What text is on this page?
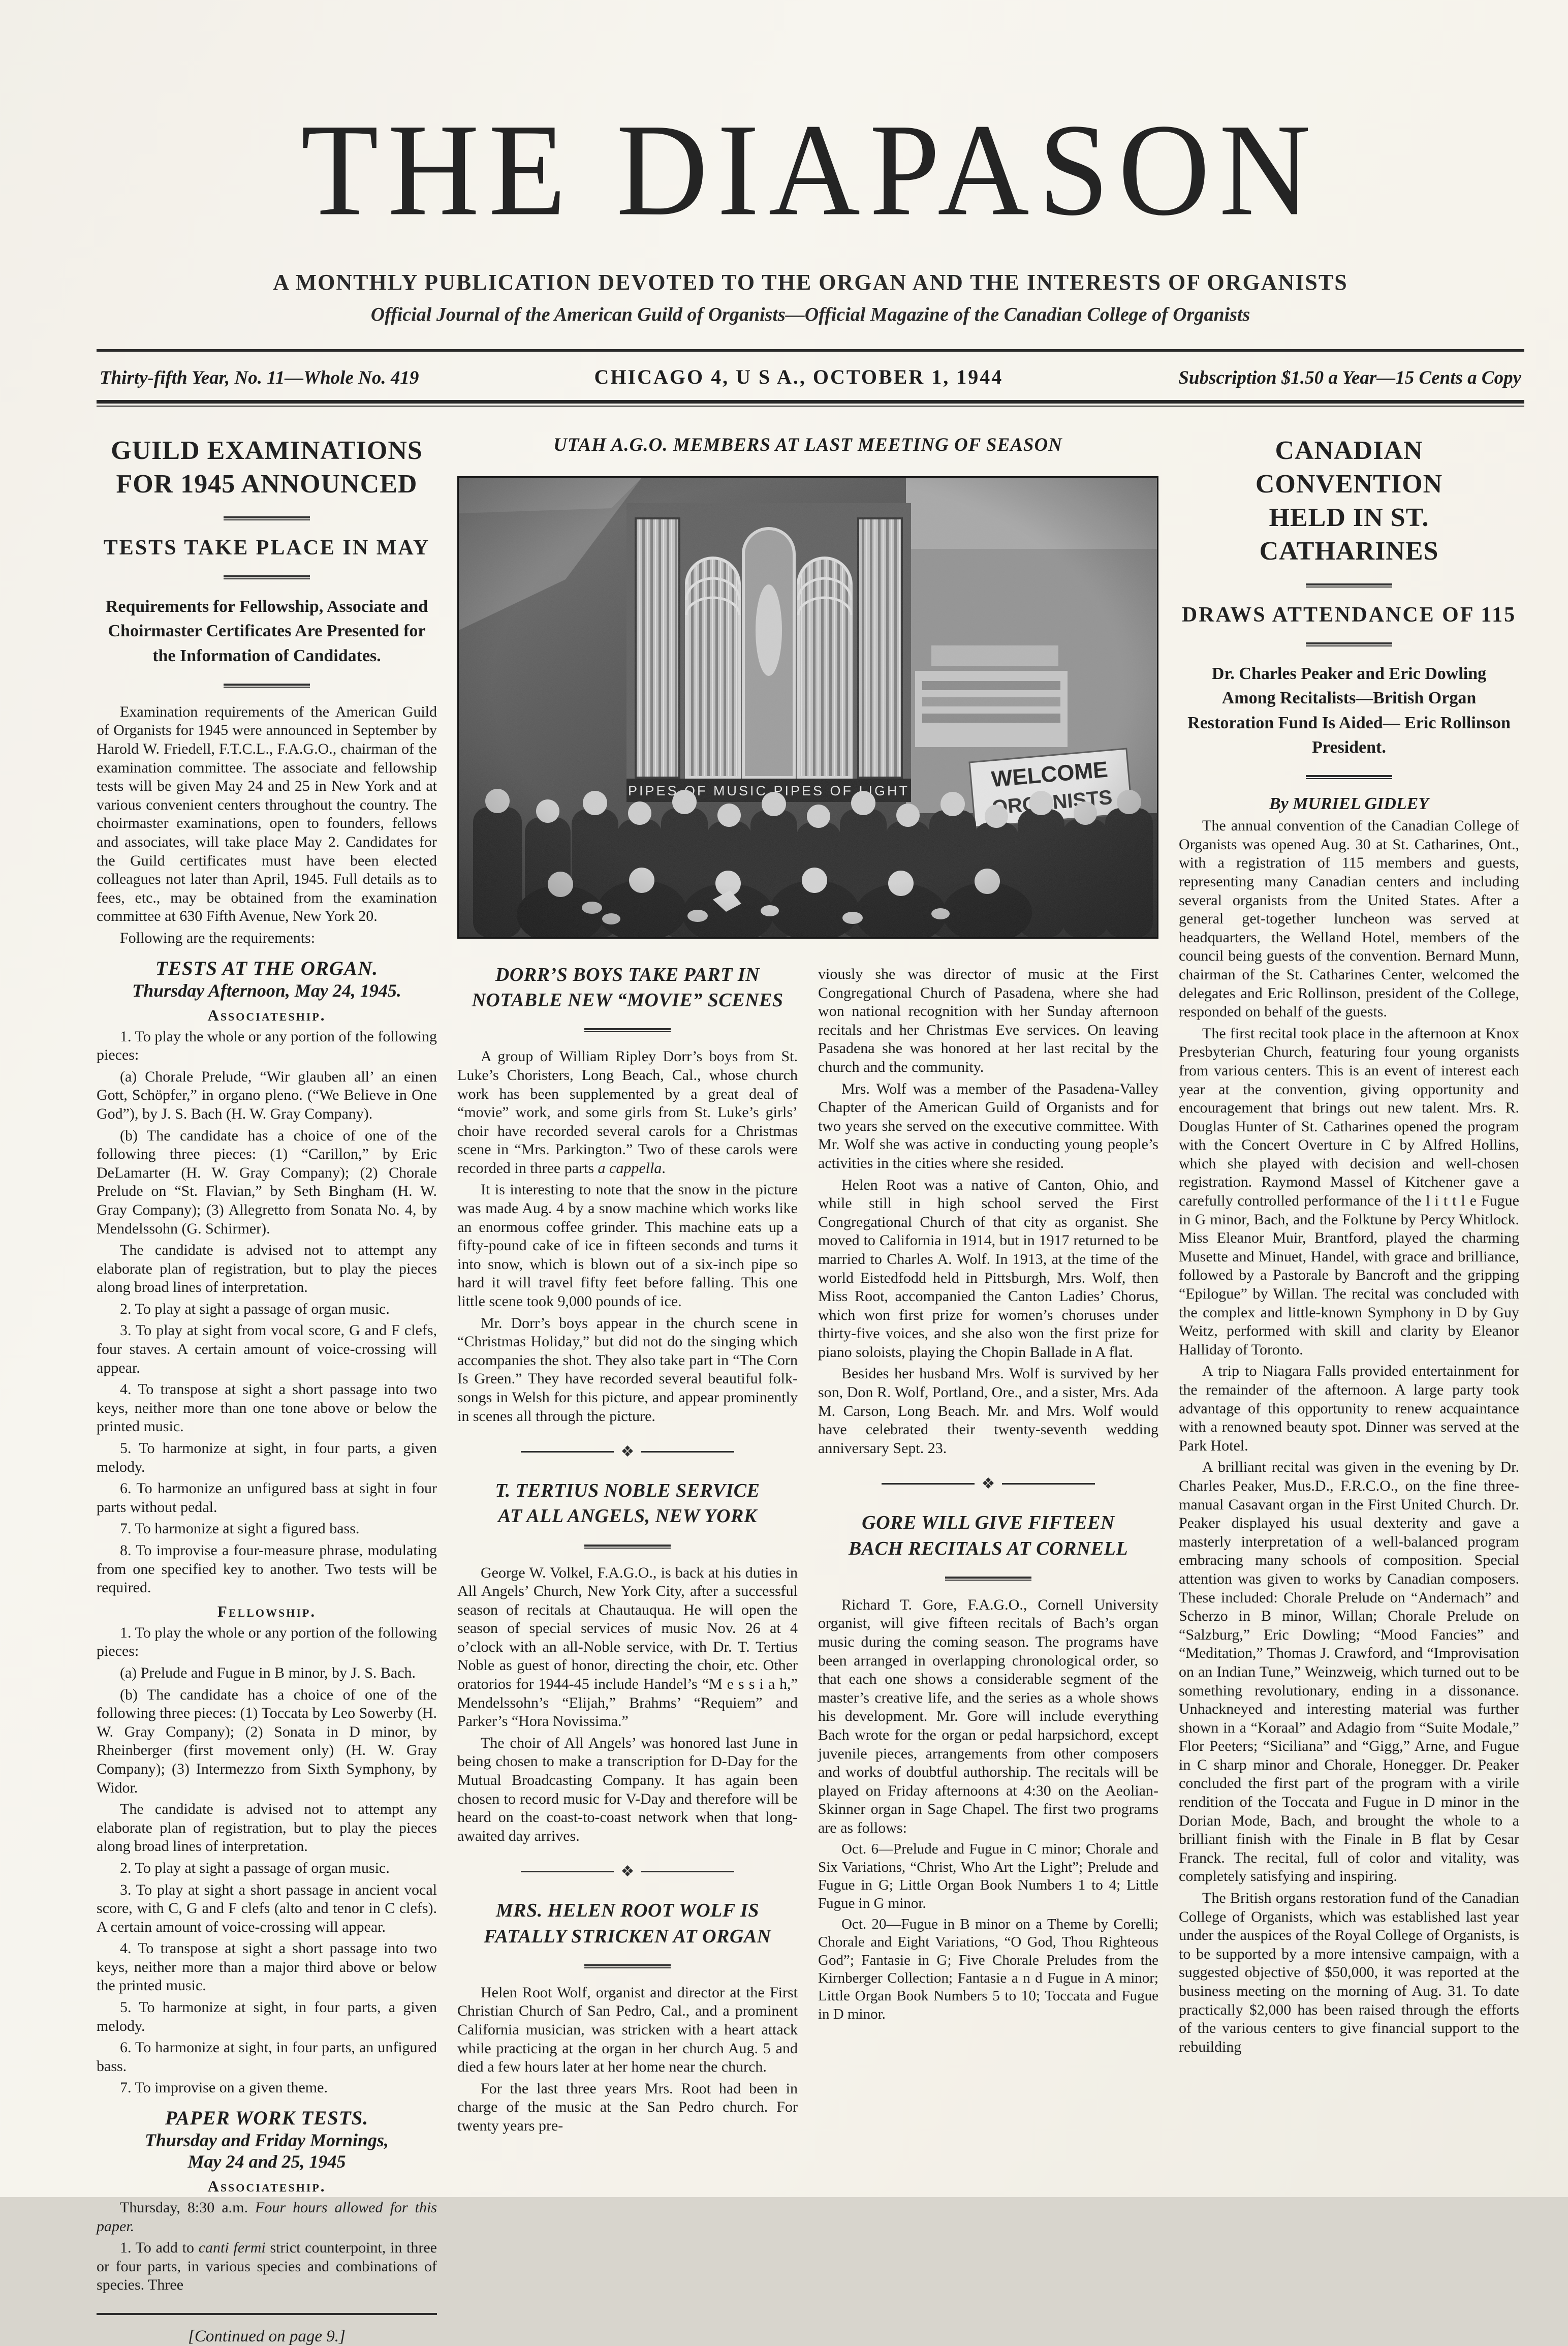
THE DIAPASON

A MONTHLY PUBLICATION DEVOTED TO THE ORGAN AND THE INTERESTS OF ORGANISTS

Official Journal of the American Guild of Organists—Official Magazine of the Canadian College of Organists

Thirty-fifth Year, No. 11—Whole No. 419	CHICAGO 4, U S A., OCTOBER 1, 1944	Subscription $1.50 a Year—15 Cents a Copy
GUILD EXAMINATIONS
FOR 1945 ANNOUNCED
TESTS TAKE PLACE IN MAY

Requirements for Fellowship, Associate and Choirmaster Certificates Are Presented for the Information of Candidates.

Examination requirements of the American Guild of Organists for 1945 were announced in September by Harold W. Friedell, F.T.C.L., F.A.G.O., chairman of the examination committee. The associate and fellowship tests will be given May 24 and 25 in New York and at various convenient centers throughout the country. The choirmaster examinations, open to founders, fellows and associates, will take place May 2. Candidates for the Guild certificates must have been elected colleagues not later than April, 1945. Full details as to fees, etc., may be obtained from the examination committee at 630 Fifth Avenue, New York 20.

Following are the requirements:

TESTS AT THE ORGAN.

Thursday Afternoon, May 24, 1945.

Associateship.

1. To play the whole or any portion of the following pieces:

(a) Chorale Prelude, “Wir glauben all’ an einen Gott, Schöpfer,” in organo pleno. (“We Believe in One God”), by J. S. Bach (H. W. Gray Company).

(b) The candidate has a choice of one of the following three pieces: (1) “Carillon,” by Eric DeLamarter (H. W. Gray Company); (2) Chorale Prelude on “St. Flavian,” by Seth Bingham (H. W. Gray Company); (3) Allegretto from Sonata No. 4, by Mendelssohn (G. Schirmer).

The candidate is advised not to attempt any elaborate plan of registration, but to play the pieces along broad lines of interpretation.

2. To play at sight a passage of organ music.

3. To play at sight from vocal score, G and F clefs, four staves. A certain amount of voice-crossing will appear.

4. To transpose at sight a short passage into two keys, neither more than one tone above or below the printed music.

5. To harmonize at sight, in four parts, a given melody.

6. To harmonize an unfigured bass at sight in four parts without pedal.

7. To harmonize at sight a figured bass.

8. To improvise a four-measure phrase, modulating from one specified key to another. Two tests will be required.

Fellowship.

1. To play the whole or any portion of the following pieces:

(a) Prelude and Fugue in B minor, by J. S. Bach.

(b) The candidate has a choice of one of the following three pieces: (1) Toccata by Leo Sowerby (H. W. Gray Company); (2) Sonata in D minor, by Rheinberger (first movement only) (H. W. Gray Company); (3) Intermezzo from Sixth Symphony, by Widor.

The candidate is advised not to attempt any elaborate plan of registration, but to play the pieces along broad lines of interpretation.

2. To play at sight a passage of organ music.

3. To play at sight a short passage in ancient vocal score, with C, G and F clefs (alto and tenor in C clefs). A certain amount of voice-crossing will appear.

4. To transpose at sight a short passage into two keys, neither more than a major third above or below the printed music.

5. To harmonize at sight, in four parts, a given melody.

6. To harmonize at sight, in four parts, an unfigured bass.

7. To improvise on a given theme.

PAPER WORK TESTS.

Thursday and Friday Mornings,

May 24 and 25, 1945

Associateship.

Thursday, 8:30 a.m. Four hours allowed for this paper.

1. To add to canti fermi strict counterpoint, in three or four parts, in various species and combinations of species. Three

[Continued on page 9.]
UTAH A.G.O. MEMBERS AT LAST MEETING OF SEASON
DORR’S BOYS TAKE PART IN
NOTABLE NEW “MOVIE” SCENES

A group of William Ripley Dorr’s boys from St. Luke’s Choristers, Long Beach, Cal., whose church work has been supplemented by a great deal of “movie” work, and some girls from St. Luke’s girls’ choir have recorded several carols for a Christmas scene in “Mrs. Parkington.” Two of these carols were recorded in three parts a cappella.

It is interesting to note that the snow in the picture was made Aug. 4 by a snow machine which works like an enormous coffee grinder. This machine eats up a fifty-pound cake of ice in fifteen seconds and turns it into snow, which is blown out of a six-inch pipe so hard it will travel fifty feet before falling. This one little scene took 9,000 pounds of ice.

Mr. Dorr’s boys appear in the church scene in “Christmas Holiday,” but did not do the singing which accompanies the shot. They also take part in “The Corn Is Green.” They have recorded several beautiful folk-songs in Welsh for this picture, and appear prominently in scenes all through the picture.

❖
T. TERTIUS NOBLE SERVICE
AT ALL ANGELS, NEW YORK

George W. Volkel, F.A.G.O., is back at his duties in All Angels’ Church, New York City, after a successful season of recitals at Chautauqua. He will open the season of special services of music Nov. 26 at 4 o’clock with an all-Noble service, with Dr. T. Tertius Noble as guest of honor, directing the choir, etc. Other oratorios for 1944-45 include Handel’s “M e s s i a h,” Mendelssohn’s “Elijah,” Brahms’ “Requiem” and Parker’s “Hora Novissima.”

The choir of All Angels’ was honored last June in being chosen to make a transcription for D-Day for the Mutual Broadcasting Company. It has again been chosen to record music for V-Day and therefore will be heard on the coast-to-coast network when that long-awaited day arrives.

❖
MRS. HELEN ROOT WOLF IS
FATALLY STRICKEN AT ORGAN

Helen Root Wolf, organist and director at the First Christian Church of San Pedro, Cal., and a prominent California musician, was stricken with a heart attack while practicing at the organ in her church Aug. 5 and died a few hours later at her home near the church.

For the last three years Mrs. Root had been in charge of the music at the San Pedro church. For twenty years pre-

viously she was director of music at the First Congregational Church of Pasadena, where she had won national recognition with her Sunday afternoon recitals and her Christmas Eve services. On leaving Pasadena she was honored at her last recital by the church and the community.

Mrs. Wolf was a member of the Pasadena-Valley Chapter of the American Guild of Organists and for two years she served on the executive committee. With Mr. Wolf she was active in conducting young people’s activities in the cities where she resided.

Helen Root was a native of Canton, Ohio, and while still in high school served the First Congregational Church of that city as organist. She moved to California in 1914, but in 1917 returned to be married to Charles A. Wolf. In 1913, at the time of the world Eistedfodd held in Pittsburgh, Mrs. Wolf, then Miss Root, accompanied the Canton Ladies’ Chorus, which won first prize for women’s choruses under thirty-five voices, and she also won the first prize for piano soloists, playing the Chopin Ballade in A flat.

Besides her husband Mrs. Wolf is survived by her son, Don R. Wolf, Portland, Ore., and a sister, Mrs. Ada M. Carson, Long Beach. Mr. and Mrs. Wolf would have celebrated their twenty-seventh wedding anniversary Sept. 23.

❖
GORE WILL GIVE FIFTEEN
BACH RECITALS AT CORNELL

Richard T. Gore, F.A.G.O., Cornell University organist, will give fifteen recitals of Bach’s organ music during the coming season. The programs have been arranged in overlapping chronological order, so that each one shows a considerable segment of the master’s creative life, and the series as a whole shows his development. Mr. Gore will include everything Bach wrote for the organ or pedal harpsichord, except juvenile pieces, arrangements from other composers and works of doubtful authorship. The recitals will be played on Friday afternoons at 4:30 on the Aeolian-Skinner organ in Sage Chapel. The first two programs are as follows:

Oct. 6—Prelude and Fugue in C minor; Chorale and Six Variations, “Christ, Who Art the Light”; Prelude and Fugue in G; Little Organ Book Numbers 1 to 4; Little Fugue in G minor.

Oct. 20—Fugue in B minor on a Theme by Corelli; Chorale and Eight Variations, “O God, Thou Righteous God”; Fantasie in G; Five Chorale Preludes from the Kirnberger Collection; Fantasie a n d Fugue in A minor; Little Organ Book Numbers 5 to 10; Toccata and Fugue in D minor.

CANADIAN CONVENTION
HELD IN ST. CATHARINES
DRAWS ATTENDANCE OF 115

Dr. Charles Peaker and Eric Dowling Among Recitalists—British Organ Restoration Fund Is Aided— Eric Rollinson President.

By MURIEL GIDLEY

The annual convention of the Canadian College of Organists was opened Aug. 30 at St. Catharines, Ont., with a registration of 115 members and guests, representing many Canadian centers and including several organists from the United States. After a general get-together luncheon was served at headquarters, the Welland Hotel, members of the council being guests of the convention. Bernard Munn, chairman of the St. Catharines Center, welcomed the delegates and Eric Rollinson, president of the College, responded on behalf of the guests.

The first recital took place in the afternoon at Knox Presbyterian Church, featuring four young organists from various centers. This is an event of interest each year at the convention, giving opportunity and encouragement that brings out new talent. Mrs. R. Douglas Hunter of St. Catharines opened the program with the Concert Overture in C by Alfred Hollins, which she played with decision and well-chosen registration. Raymond Massel of Kitchener gave a carefully controlled performance of the l i t t l e Fugue in G minor, Bach, and the Folktune by Percy Whitlock. Miss Eleanor Muir, Brantford, played the charming Musette and Minuet, Handel, with grace and brilliance, followed by a Pastorale by Bancroft and the gripping “Epilogue” by Willan. The recital was concluded with the complex and little-known Symphony in D by Guy Weitz, performed with skill and clarity by Eleanor Halliday of Toronto.

A trip to Niagara Falls provided entertainment for the remainder of the afternoon. A large party took advantage of this opportunity to renew acquaintance with a renowned beauty spot. Dinner was served at the Park Hotel.

A brilliant recital was given in the evening by Dr. Charles Peaker, Mus.D., F.R.C.O., on the fine three-manual Casavant organ in the First United Church. Dr. Peaker displayed his usual dexterity and gave a masterly interpretation of a well-balanced program embracing many schools of composition. Special attention was given to works by Canadian composers. These included: Chorale Prelude on “Andernach” and Scherzo in B minor, Willan; Chorale Prelude on “Salzburg,” Eric Dowling; “Mood Fancies” and “Meditation,” Thomas J. Crawford, and “Improvisation on an Indian Tune,” Weinzweig, which turned out to be something revolutionary, ending in a dissonance. Unhackneyed and interesting material was further shown in a “Koraal” and Adagio from “Suite Modale,” Flor Peeters; “Siciliana” and “Gigg,” Arne, and Fugue in C sharp minor and Chorale, Honegger. Dr. Peaker concluded the first part of the program with a virile rendition of the Toccata and Fugue in D minor in the Dorian Mode, Bach, and brought the whole to a brilliant finish with the Finale in B flat by Cesar Franck. The recital, full of color and vitality, was completely satisfying and inspiring.

The British organs restoration fund of the Canadian College of Organists, which was established last year under the auspices of the Royal College of Organists, is to be supported by a more intensive campaign, with a suggested objective of $50,000, it was reported at the business meeting on the morning of Aug. 31. To date practically $2,000 has been raised through the efforts of the various centers to give financial support to the rebuilding
